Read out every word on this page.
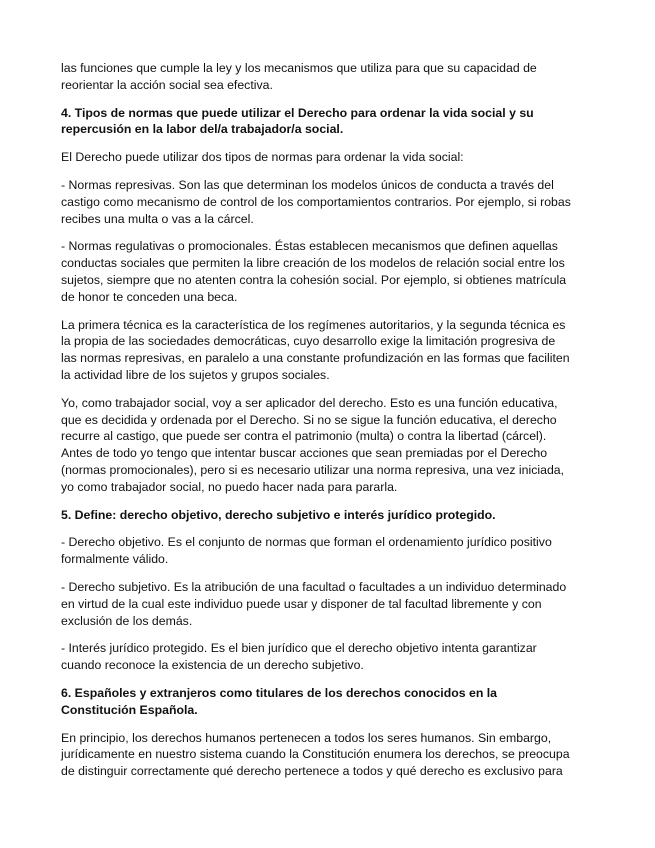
las funciones que cumple la ley y los mecanismos que utiliza para que su capacidad de
reorientar la acción social sea efectiva.

4. Tipos de normas que puede utilizar el Derecho para ordenar la vida social y su
repercusión en la labor del/a trabajador/a social.

El Derecho puede utilizar dos tipos de normas para ordenar la vida social:

- Normas represivas. Son las que determinan los modelos únicos de conducta a través del
castigo como mecanismo de control de los comportamientos contrarios. Por ejemplo, si robas
recibes una multa o vas a la cárcel.

- Normas regulativas o promocionales. Éstas establecen mecanismos que definen aquellas
conductas sociales que permiten la libre creación de los modelos de relación social entre los
sujetos, siempre que no atenten contra la cohesión social. Por ejemplo, si obtienes matrícula
de honor te conceden una beca.

La primera técnica es la característica de los regímenes autoritarios, y la segunda técnica es
la propia de las sociedades democráticas, cuyo desarrollo exige la limitación progresiva de
las normas represivas, en paralelo a una constante profundización en las formas que faciliten
la actividad libre de los sujetos y grupos sociales.

Yo, como trabajador social, voy a ser aplicador del derecho. Esto es una función educativa,
que es decidida y ordenada por el Derecho. Si no se sigue la función educativa, el derecho
recurre al castigo, que puede ser contra el patrimonio (multa) o contra la libertad (cárcel).
Antes de todo yo tengo que intentar buscar acciones que sean premiadas por el Derecho
(normas promocionales), pero si es necesario utilizar una norma represiva, una vez iniciada,
yo como trabajador social, no puedo hacer nada para pararla.

5. Define: derecho objetivo, derecho subjetivo e interés jurídico protegido.

- Derecho objetivo. Es el conjunto de normas que forman el ordenamiento jurídico positivo
formalmente válido.

- Derecho subjetivo. Es la atribución de una facultad o facultades a un individuo determinado
en virtud de la cual este individuo puede usar y disponer de tal facultad libremente y con
exclusión de los demás.

- Interés jurídico protegido. Es el bien jurídico que el derecho objetivo intenta garantizar
cuando reconoce la existencia de un derecho subjetivo.

6. Españoles y extranjeros como titulares de los derechos conocidos en la
Constitución Española.

En principio, los derechos humanos pertenecen a todos los seres humanos. Sin embargo,
jurídicamente en nuestro sistema cuando la Constitución enumera los derechos, se preocupa
de distinguir correctamente qué derecho pertenece a todos y qué derecho es exclusivo para
